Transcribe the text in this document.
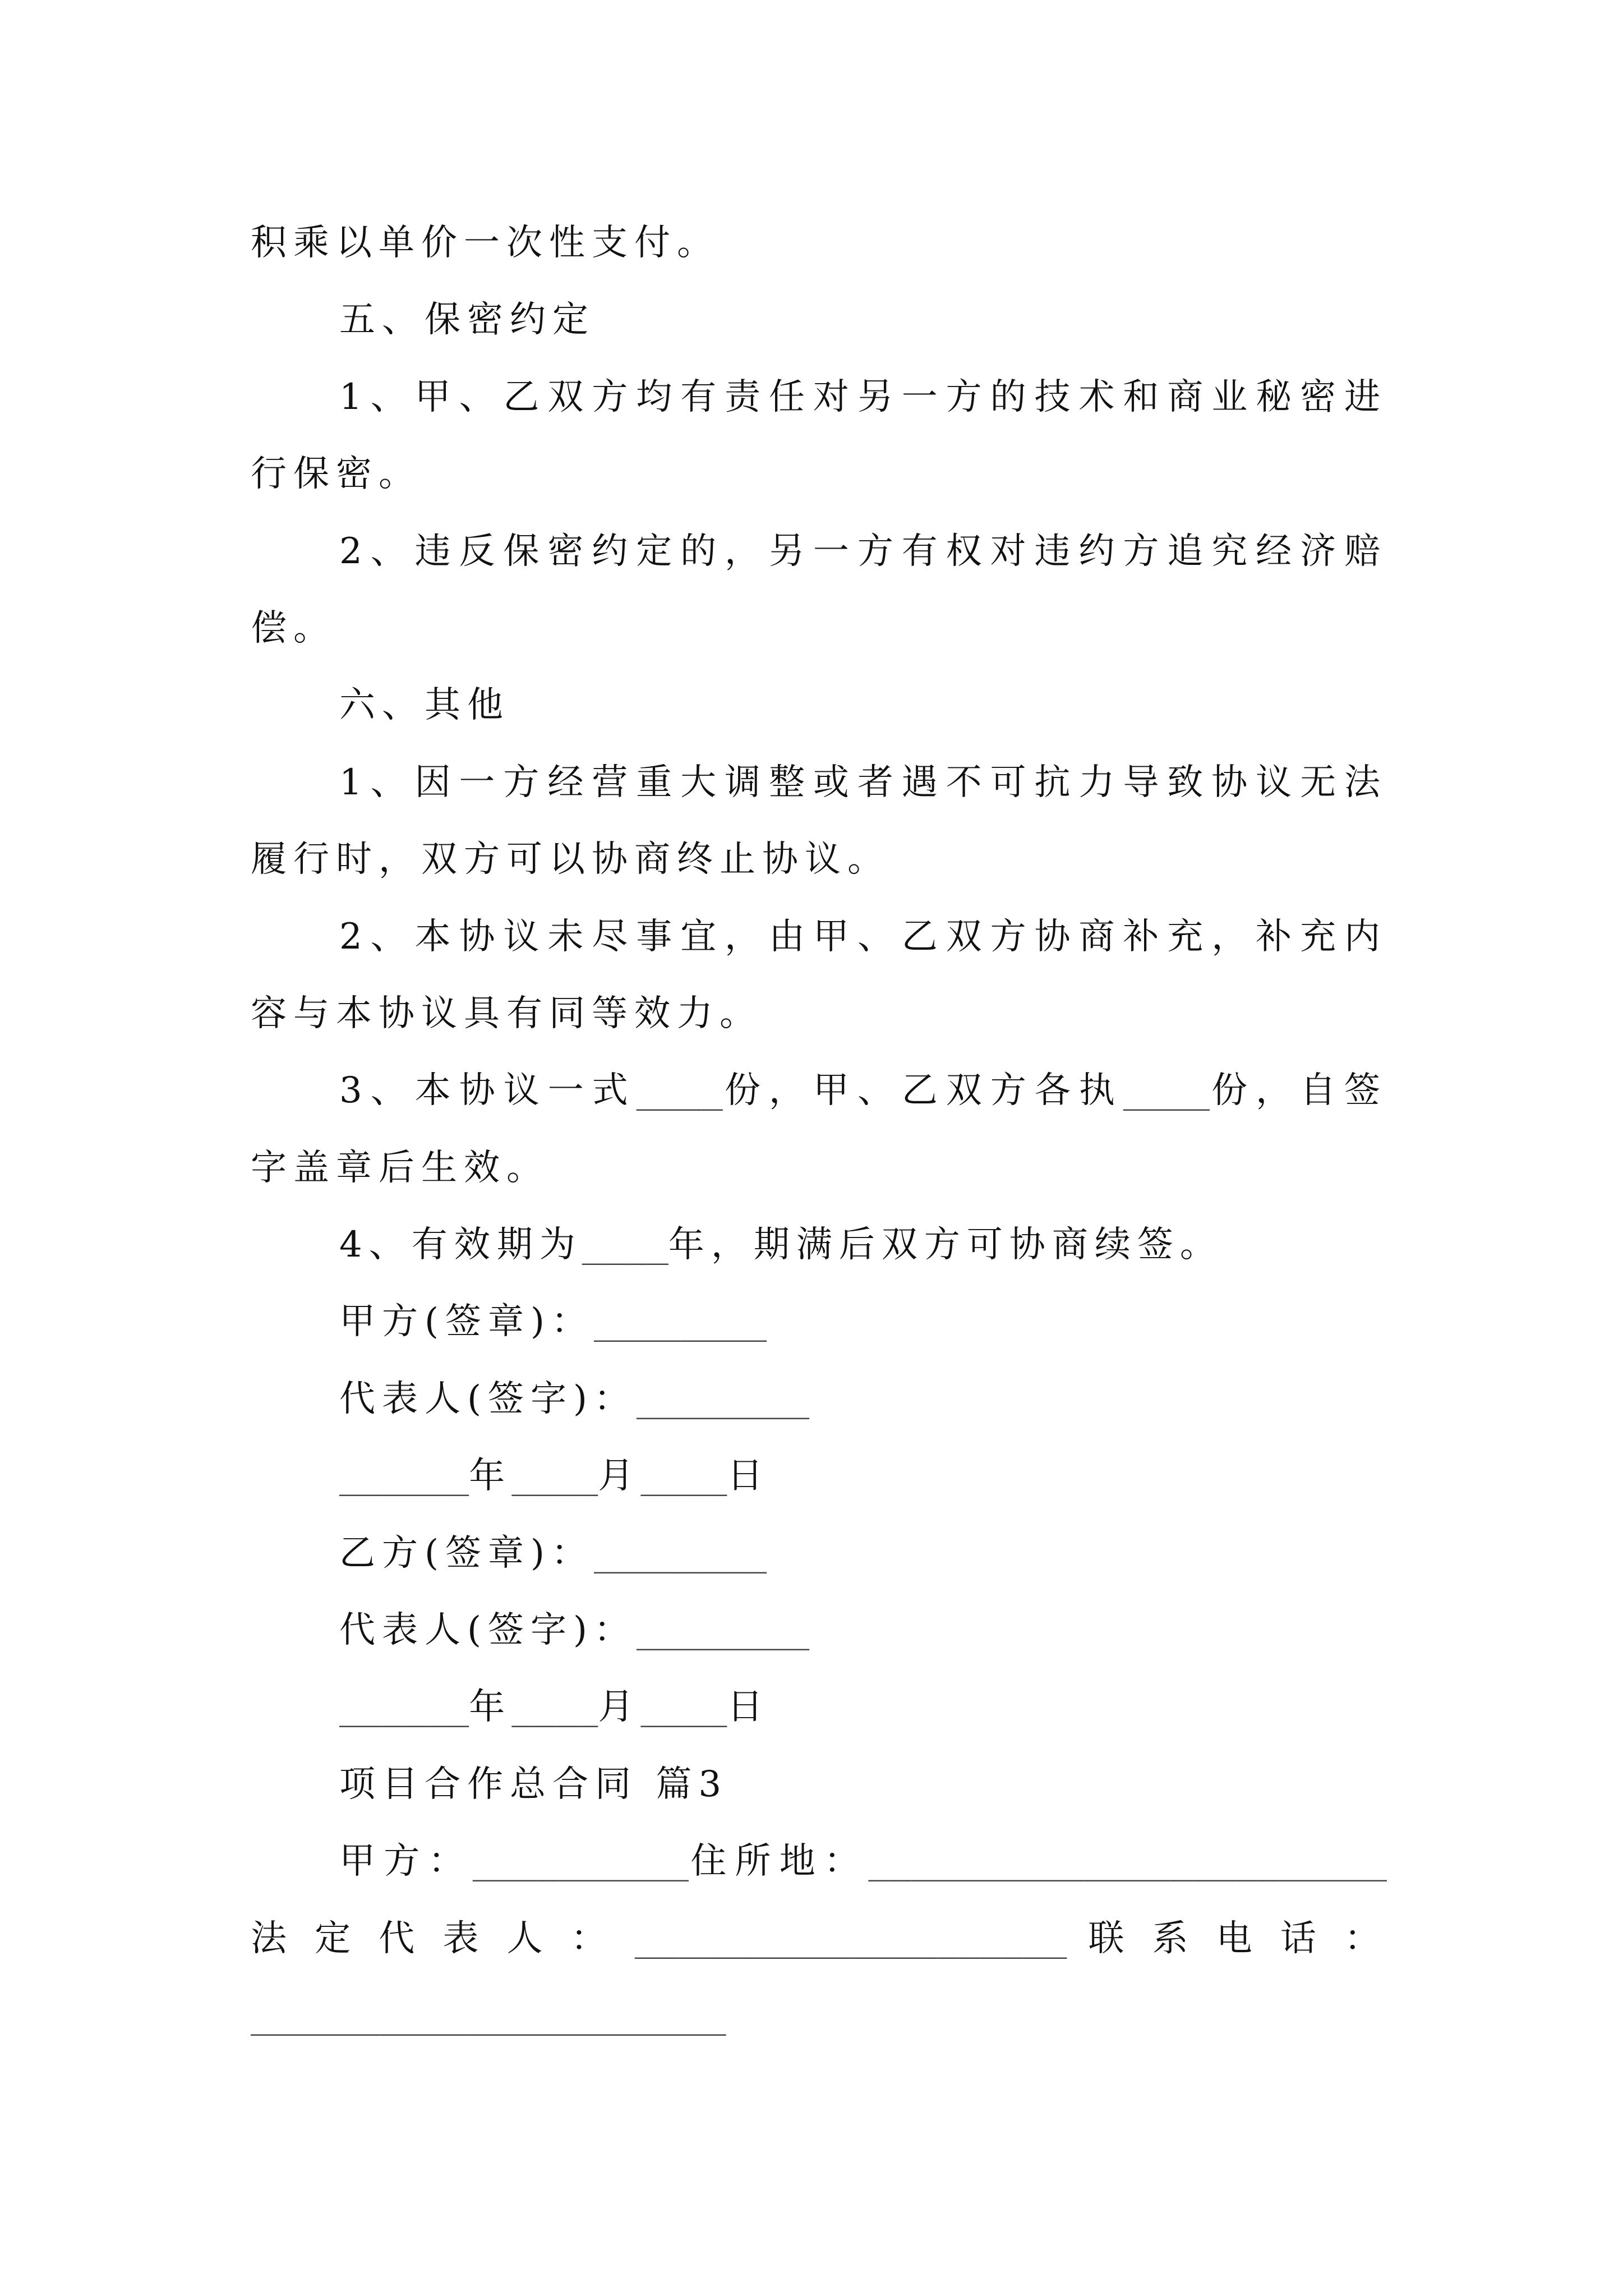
积乘以单价一次性支付。
五、保密约定
1、甲、乙双方均有责任对另一方的技术和商业秘密进
行保密。
2、违反保密约定的，另一方有权对违约方追究经济赔
偿。
六、其他
1、因一方经营重大调整或者遇不可抗力导致协议无法
履行时，双方可以协商终止协议。
2、本协议未尽事宜，由甲、乙双方协商补充，补充内
容与本协议具有同等效力。
3、本协议一式____份，甲、乙双方各执____份，自签
字盖章后生效。
4、有效期为____年，期满后双方可协商续签。
甲方(签章)：________
代表人(签字)：________
______年____月____日
乙方(签章)：________
代表人(签字)：________
______年____月____日
项目合作总合同 篇3
甲方：__________住所地：________________________
法定代表人：____________________联系电话：
______________________
